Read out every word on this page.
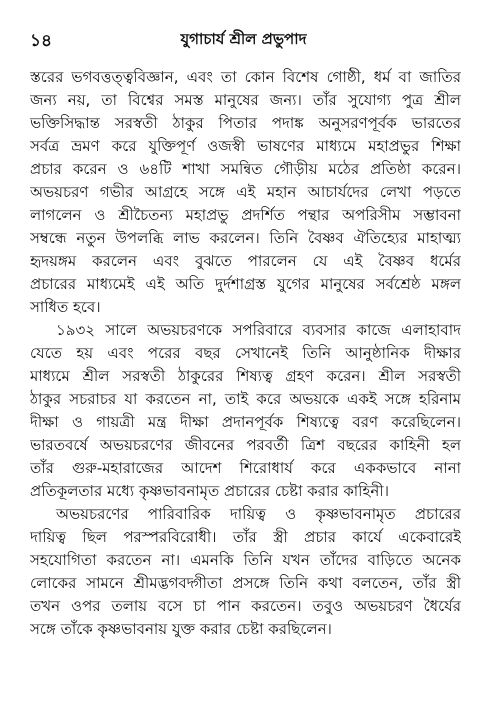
১৪	যুগাচার্য শ্রীল প্রভুপাদ
স্তরের ভগবত্তত্ত্ববিজ্ঞান, এবং তা কোন বিশেষ গোষ্ঠী, ধর্ম বা জাতির
জন্য নয়, তা বিশ্বের সমস্ত মানুষের জন্য। তাঁর সুযোগ্য পুত্র শ্রীল
ভক্তিসিদ্ধান্ত সরস্বতী ঠাকুর পিতার পদাঙ্ক অনুসরণপূর্বক ভারতের
সর্বত্র ভ্রমণ করে যুক্তিপূর্ণ ওজস্বী ভাষণের মাধ্যমে মহাপ্রভুর শিক্ষা
প্রচার করেন ও ৬৪টি শাখা সমন্বিত গৌড়ীয় মঠের প্রতিষ্ঠা করেন।
অভয়চরণ গভীর আগ্রহে সঙ্গে এই মহান আচার্যদের লেখা পড়তে
লাগলেন ও শ্রীচৈতন্য মহাপ্রভু প্রদর্শিত পন্থার অপরিসীম সম্ভাবনা
সম্বন্ধে নতুন উপলব্ধি লাভ করলেন। তিনি বৈষ্ণব ঐতিহ্যের মাহাত্ম্য
হৃদয়ঙ্গম করলেন এবং বুঝতে পারলেন যে এই বৈষ্ণব ধর্মের
প্রচারের মাধ্যমেই এই অতি দুর্দশাগ্রস্ত যুগের মানুষের সর্বশ্রেষ্ঠ মঙ্গল
সাধিত হবে।
১৯৩২ সালে অভয়চরণকে সপরিবারে ব্যবসার কাজে এলাহাবাদ
যেতে হয় এবং পরের বছর সেখানেই তিনি আনুষ্ঠানিক দীক্ষার
মাধ্যমে শ্রীল সরস্বতী ঠাকুরের শিষ্যত্ব গ্রহণ করেন। শ্রীল সরস্বতী
ঠাকুর সচরাচর যা করতেন না, তাই করে অভয়কে একই সঙ্গে হরিনাম
দীক্ষা ও গায়ত্রী মন্ত্র দীক্ষা প্রদানপূর্বক শিষ্যত্বে বরণ করেছিলেন।
ভারতবর্ষে অভয়চরণের জীবনের পরবর্তী ত্রিশ বছরের কাহিনী হল
তাঁর গুরু-মহারাজের আদেশ শিরোধার্য করে এককভাবে নানা
প্রতিকূলতার মধ্যে কৃষ্ণভাবনামৃত প্রচারের চেষ্টা করার কাহিনী।
অভয়চরণের পারিবারিক দায়িত্ব ও কৃষ্ণভাবনামৃত প্রচারের
দায়িত্ব ছিল পরস্পরবিরোধী। তাঁর স্ত্রী প্রচার কার্যে একেবারেই
সহযোগিতা করতেন না। এমনকি তিনি যখন তাঁদের বাড়িতে অনেক
লোকের সামনে শ্রীমদ্ভগবদ্গীতা প্রসঙ্গে তিনি কথা বলতেন, তাঁর স্ত্রী
তখন ওপর তলায় বসে চা পান করতেন। তবুও অভয়চরণ ধৈর্যের
সঙ্গে তাঁকে কৃষ্ণভাবনায় যুক্ত করার চেষ্টা করছিলেন।
